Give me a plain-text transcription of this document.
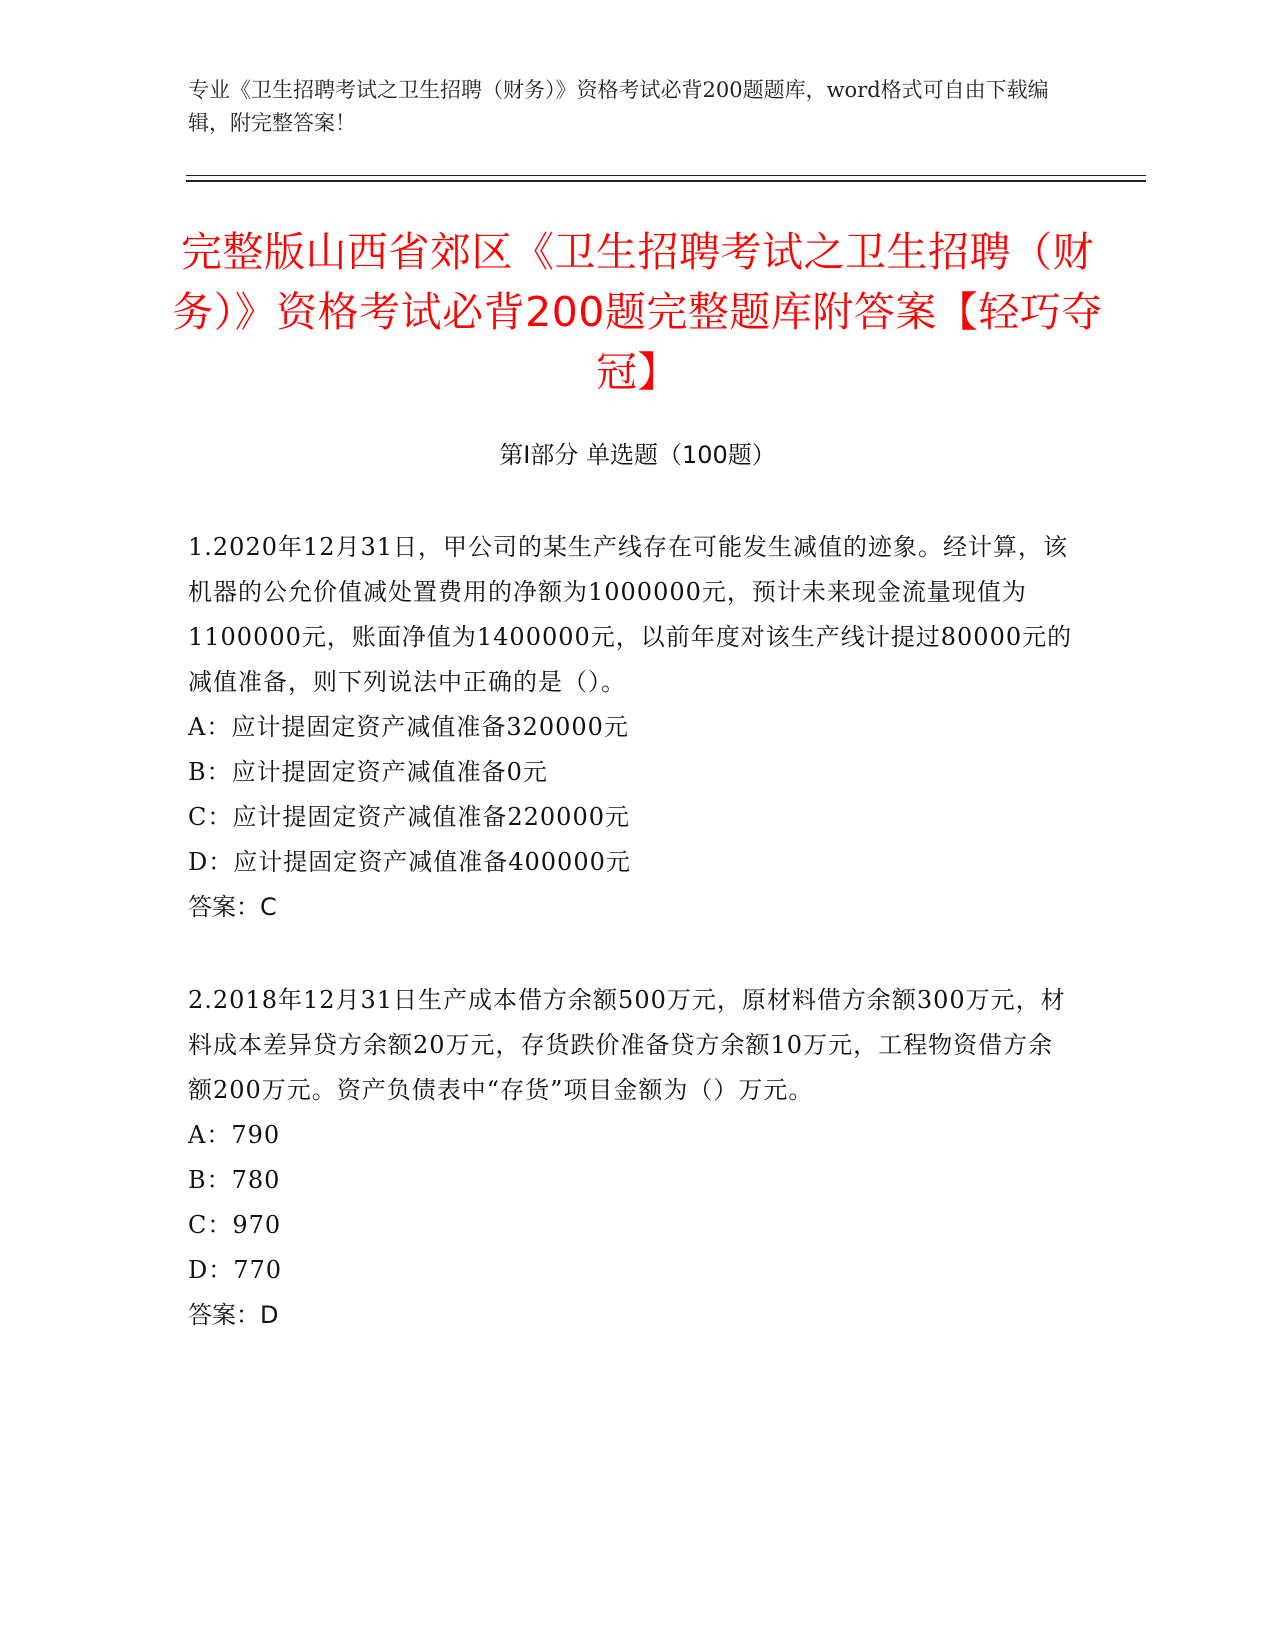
专业《卫生招聘考试之卫生招聘（财务）》资格考试必背200题题库，word格式可自由下载编辑，附完整答案！
完整版山西省郊区《卫生招聘考试之卫生招聘（财务）》资格考试必背200题完整题库附答案【轻巧夺冠】
第I部分 单选题（100题）
1.2020年12月31日，甲公司的某生产线存在可能发生减值的迹象。经计算，该机器的公允价值减处置费用的净额为1000000元，预计未来现金流量现值为1100000元，账面净值为1400000元，以前年度对该生产线计提过80000元的减值准备，则下列说法中正确的是（）。
A：应计提固定资产减值准备320000元
B：应计提固定资产减值准备0元
C：应计提固定资产减值准备220000元
D：应计提固定资产减值准备400000元
答案：C
2.2018年12月31日生产成本借方余额500万元，原材料借方余额300万元，材料成本差异贷方余额20万元，存货跌价准备贷方余额10万元，工程物资借方余额200万元。资产负债表中“存货”项目金额为（）万元。
A：790
B：780
C：970
D：770
答案：D
